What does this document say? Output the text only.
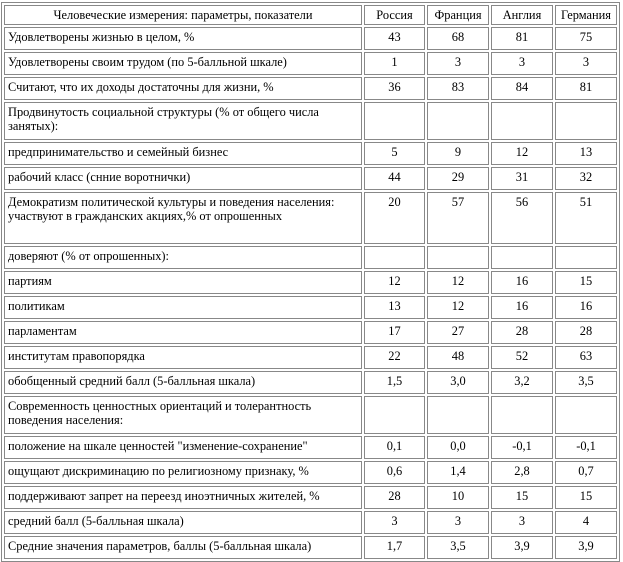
Человеческие измерения: параметры, показатели	Россия	Франция	Англия	Германия
Удовлетворены жизнью в целом, %	43	68	81	75
Удовлетворены своим трудом (по 5-балльной шкале)	1	3	3	3
Считают, что их доходы достаточны для жизни, %	36	83	84	81
Продвинутость социальной структуры (% от общего числа занятых):				
предпринимательство и семейный бизнес	5	9	12	13
рабочий класс (снние воротнички)	44	29	31	32
Демократизм политической культуры и поведения населения: участвуют в гражданских акциях,% от опрошенных	20	57	56	51
доверяют (% от опрошенных):				
партиям	12	12	16	15
политикам	13	12	16	16
парламентам	17	27	28	28
институтам правопорядка	22	48	52	63
обобщенный средний балл (5-балльная шкала)	1,5	3,0	3,2	3,5
Современность ценностных ориентаций и толерантность поведения населения:				
положение на шкале ценностей "изменение-сохранение"	0,1	0,0	-0,1	-0,1
ощущают дискриминацию по религиозному признаку, %	0,6	1,4	2,8	0,7
поддерживают запрет на переезд иноэтничных жителей, %	28	10	15	15
средний балл (5-балльная шкала)	3	3	3	4
Средние значения параметров, баллы (5-балльная шкала)	1,7	3,5	3,9	3,9
